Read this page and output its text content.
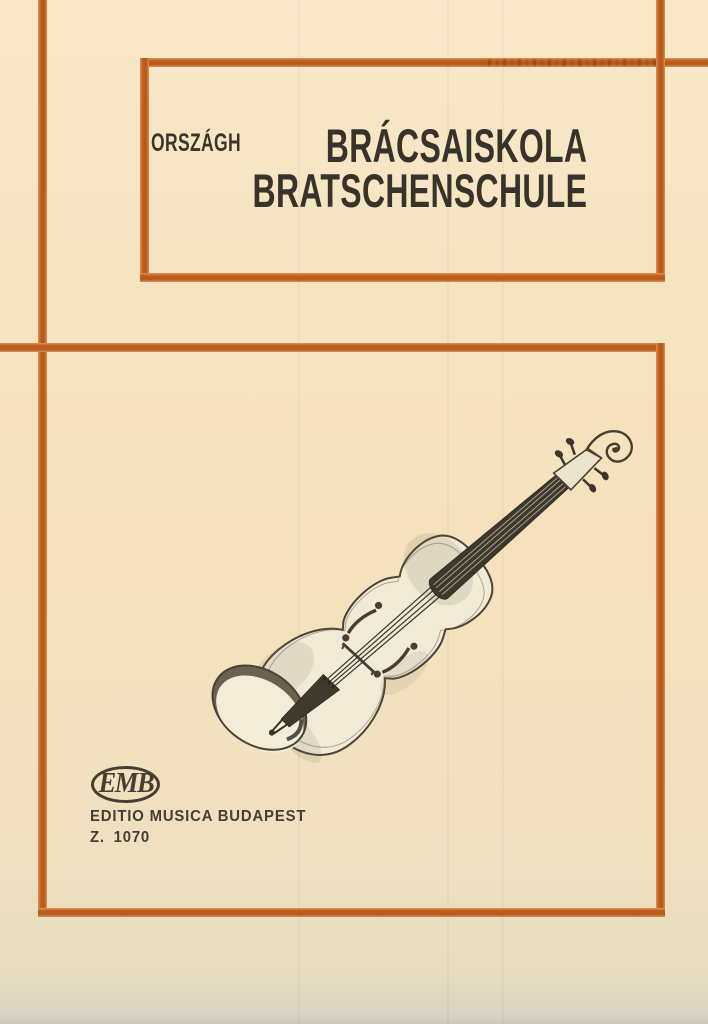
ORSZÁGH	BRÁCSAISKOLA
BRATSCHENSCHULE
EMB
EDITIO MUSICA BUDAPEST
Z. 1070
